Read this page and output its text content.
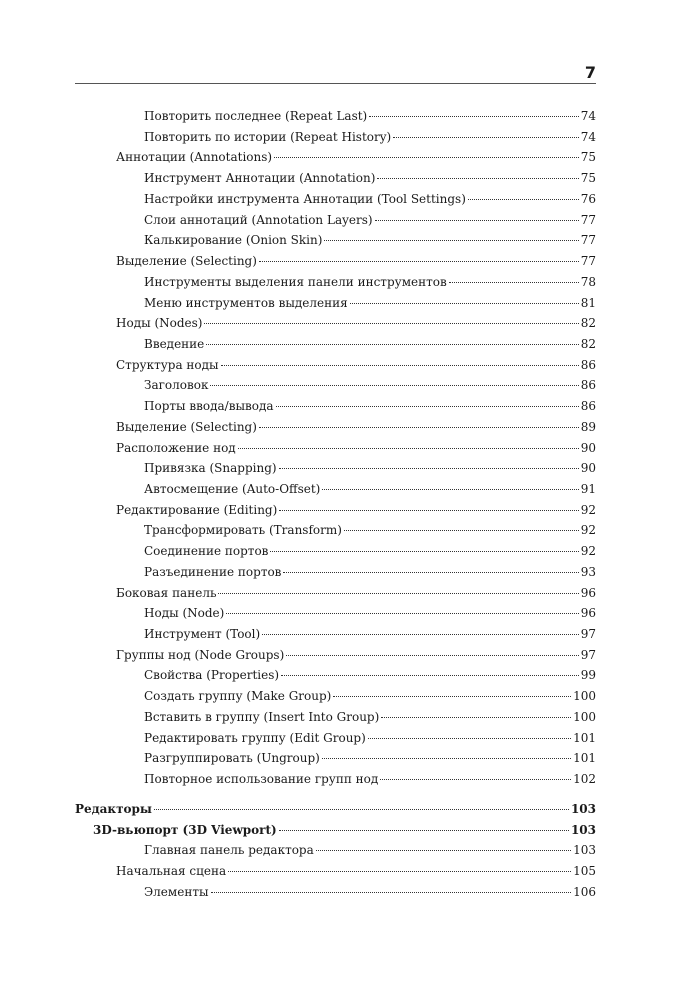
7
Повторить последнее (Repeat Last)	74
Повторить по истории (Repeat History)	74
Аннотации (Annotations)	75
Инструмент Аннотации (Annotation)	75
Настройки инструмента Аннотации (Tool Settings)	76
Слои аннотаций (Annotation Layers)	77
Калькирование (Onion Skin)	77
Выделение (Selecting)	77
Инструменты выделения панели инструментов	78
Меню инструментов выделения	81
Ноды (Nodes)	82
Введение	82
Структура ноды	86
Заголовок	86
Порты ввода/вывода	86
Выделение (Selecting)	89
Расположение нод	90
Привязка (Snapping)	90
Автосмещение (Auto-Offset)	91
Редактирование (Editing)	92
Трансформировать (Transform)	92
Соединение портов	92
Разъединение портов	93
Боковая панель	96
Ноды (Node)	96
Инструмент (Tool)	97
Группы нод (Node Groups)	97
Свойства (Properties)	99
Создать группу (Make Group)	100
Вставить в группу (Insert Into Group)	100
Редактировать группу (Edit Group)	101
Разгруппировать (Ungroup)	101
Повторное использование групп нод	102
Редакторы	103
3D-вьюпорт (3D Viewport)	103
Главная панель редактора	103
Начальная сцена	105
Элементы	106
